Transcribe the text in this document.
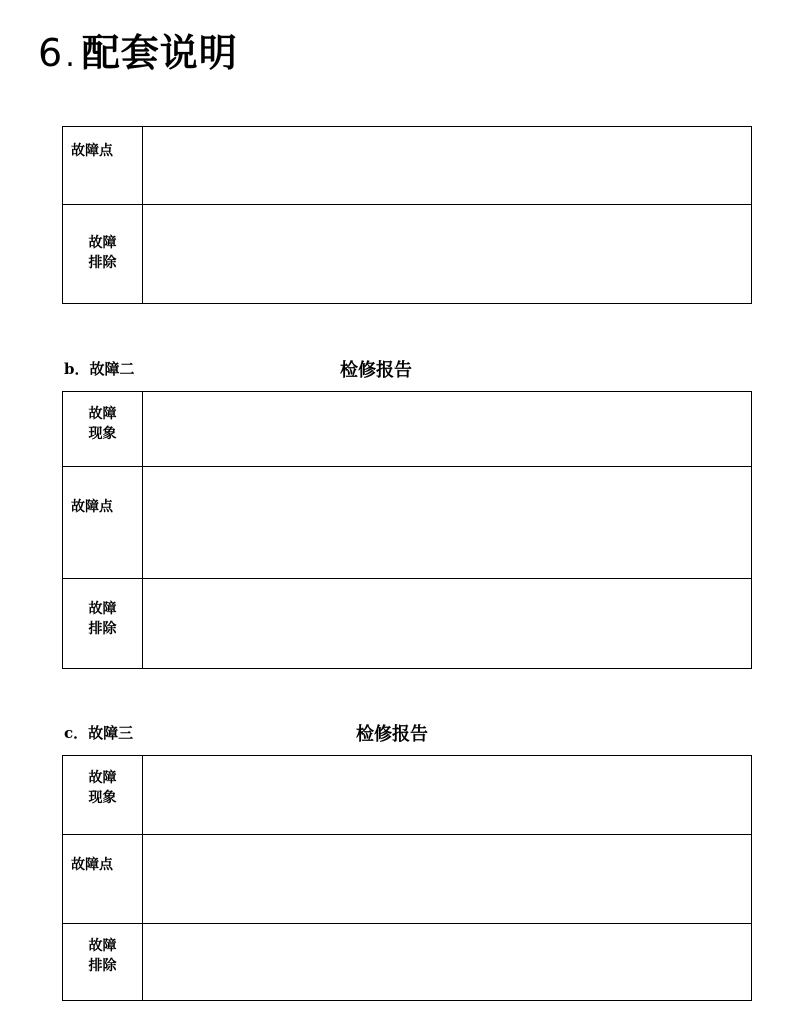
6 . 配套说明
故障点	

故障
排除	

b．故障二	检修报告
故障
现象	

故障点	

故障
排除	

c．故障三	检修报告
故障
现象	

故障点	

故障
排除	
